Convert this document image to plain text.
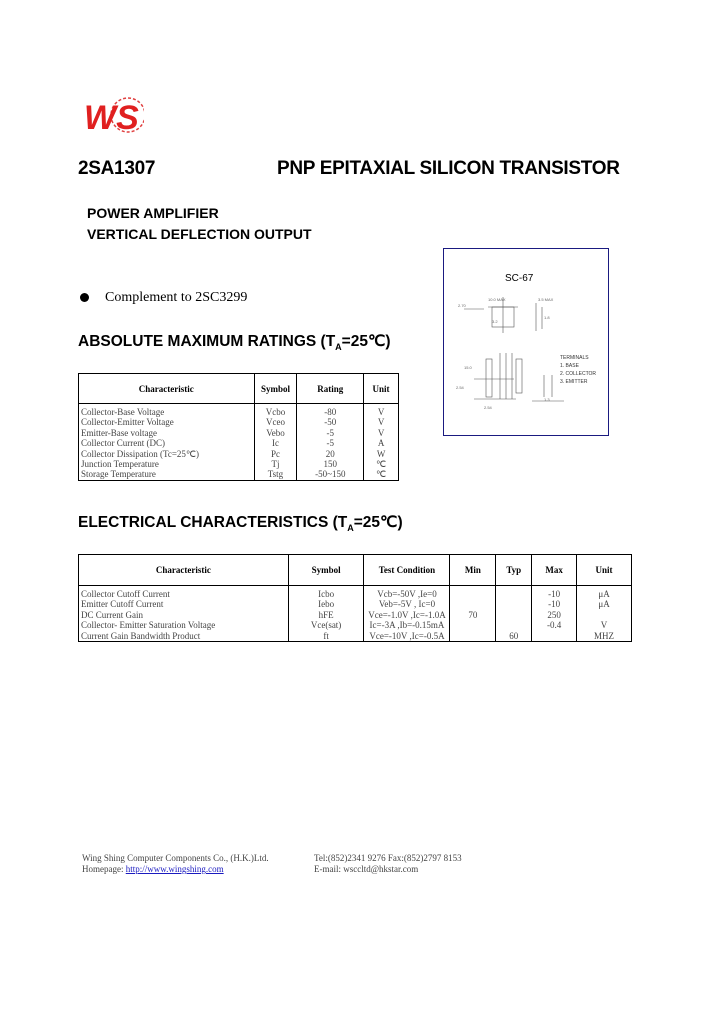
WS
2SA1307	PNP EPITAXIAL SILICON TRANSISTOR
POWER AMPLIFIER
VERTICAL DEFLECTION OUTPUT
Complement to 2SC3299
2.70
10.0 MAX	3.5 MAX
3.2
1.8
15.0
2.54
2.54
1.3
TERMINALS
1. BASE
2. COLLECTOR
3. EMITTER
SC-67
ABSOLUTE MAXIMUM RATINGS $(T_A=25℃)$
Characteristic	Symbol	Rating	Unit
Collector-Base Voltage	Vcbo	-80	V
Collector-Emitter Voltage	Vceo	-50	V
Emitter-Base voltage	Vebo	-5	V
Collector Current (DC)	Ic	-5	A
Collector Dissipation (Tc=25℃)	Pc	20	W
Junction Temperature	Tj	150	℃
Storage Temperature	Tstg	-50~150	℃
ELECTRICAL CHARACTERISTICS $(T_A=25℃)$
Characteristic	Symbol	Test Condition	Min	Typ	Max	Unit
Collector Cutoff Current	Icbo	Vcb=-50V ,Ie=0			-10	μA
Emitter Cutoff Current	Iebo	Veb=-5V , Ic=0			-10	μA
DC Current Gain	hFE	Vce=-1.0V ,Ic=-1.0A	70		250	
Collector- Emitter Saturation Voltage	Vce(sat)	Ic=-3A ,Ib=-0.15mA			-0.4	V
Current Gain Bandwidth Product	ft	Vce=-10V ,Ic=-0.5A		60		MHZ
Wing Shing Computer Components Co., (H.K.)Ltd.
Homepage: http://www.wingshing.com
Tel:(852)2341 9276 Fax:(852)2797 8153
E-mail: wsccltd@hkstar.com
